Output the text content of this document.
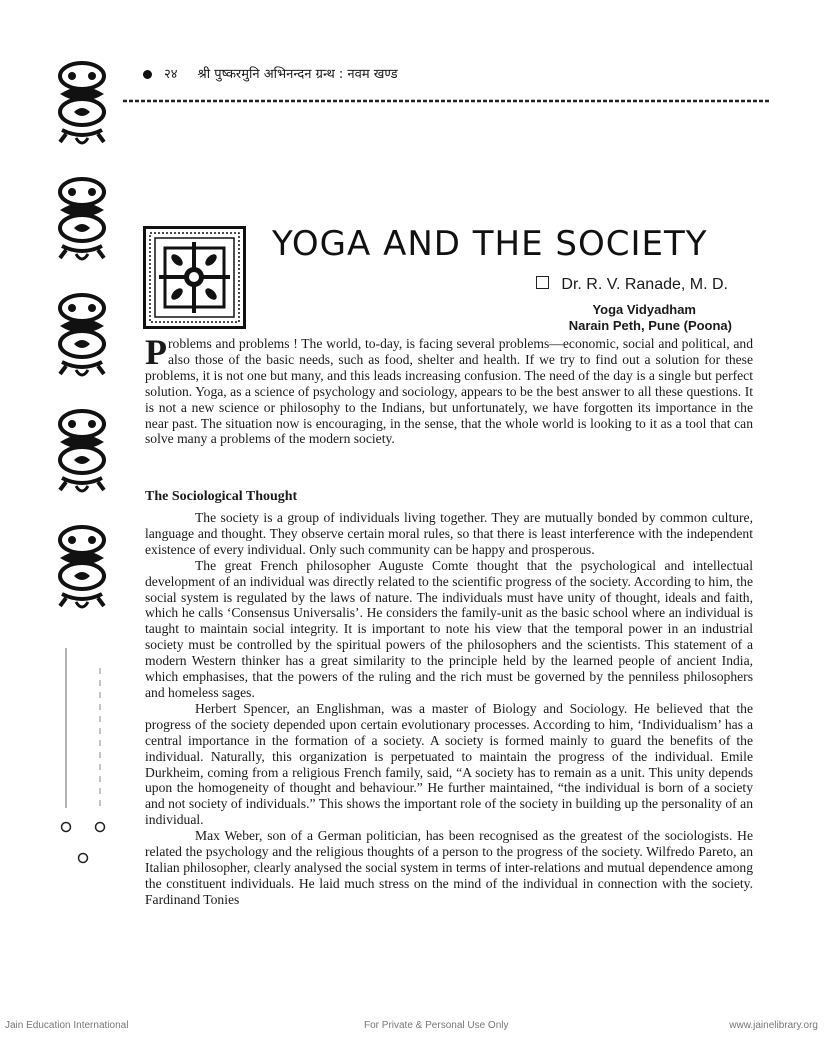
२४ श्री पुष्करमुनि अभिनन्दन ग्रन्थ : नवम खण्ड
YOGA AND THE SOCIETY
Dr. R. V. Ranade, M. D.
Yoga Vidyadham
Narain Peth, Pune (Poona)
P roblems and problems ! The world, to-day, is facing several problems—economic, social and political, and also those of the basic needs, such as food, shelter and health. If we try to find out a solution for these problems, it is not one but many, and this leads increasing confusion. The need of the day is a single but perfect solution. Yoga, as a science of psychology and sociology, appears to be the best answer to all these questions. It is not a new science or philosophy to the Indians, but unfortunately, we have forgotten its importance in the near past. The situation now is encouraging, in the sense, that the whole world is looking to it as a tool that can solve many a problems of the modern society.
The Sociological Thought

The society is a group of individuals living together. They are mutually bonded by common culture, language and thought. They observe certain moral rules, so that there is least interference with the independent existence of every individual. Only such community can be happy and prosperous.

The great French philosopher Auguste Comte thought that the psychological and intellectual development of an individual was directly related to the scientific progress of the society. According to him, the social system is regulated by the laws of nature. The individuals must have unity of thought, ideals and faith, which he calls ‘Consensus Universalis’. He considers the family-unit as the basic school where an individual is taught to maintain social integrity. It is important to note his view that the temporal power in an industrial society must be controlled by the spiritual powers of the philosophers and the scientists. This statement of a modern Western thinker has a great similarity to the principle held by the learned people of ancient India, which emphasises, that the powers of the ruling and the rich must be governed by the penniless philosophers and homeless sages.

Herbert Spencer, an Englishman, was a master of Biology and Sociology. He believed that the progress of the society depended upon certain evolutionary processes. According to him, ‘Individualism’ has a central importance in the formation of a society. A society is formed mainly to guard the benefits of the individual. Naturally, this organization is perpetuated to maintain the progress of the individual. Emile Durkheim, coming from a religious French family, said, “A society has to remain as a unit. This unity depends upon the homogeneity of thought and behaviour.” He further maintained, “the individual is born of a society and not society of individuals.” This shows the important role of the society in building up the personality of an individual.

Max Weber, son of a German politician, has been recognised as the greatest of the sociologists. He related the psychology and the religious thoughts of a person to the progress of the society. Wilfredo Pareto, an Italian philosopher, clearly analysed the social system in terms of inter-relations and mutual dependence among the constituent individuals. He laid much stress on the mind of the individual in connection with the society. Fardinand Tonies

Jain Education International	For Private & Personal Use Only	www.jainelibrary.org
